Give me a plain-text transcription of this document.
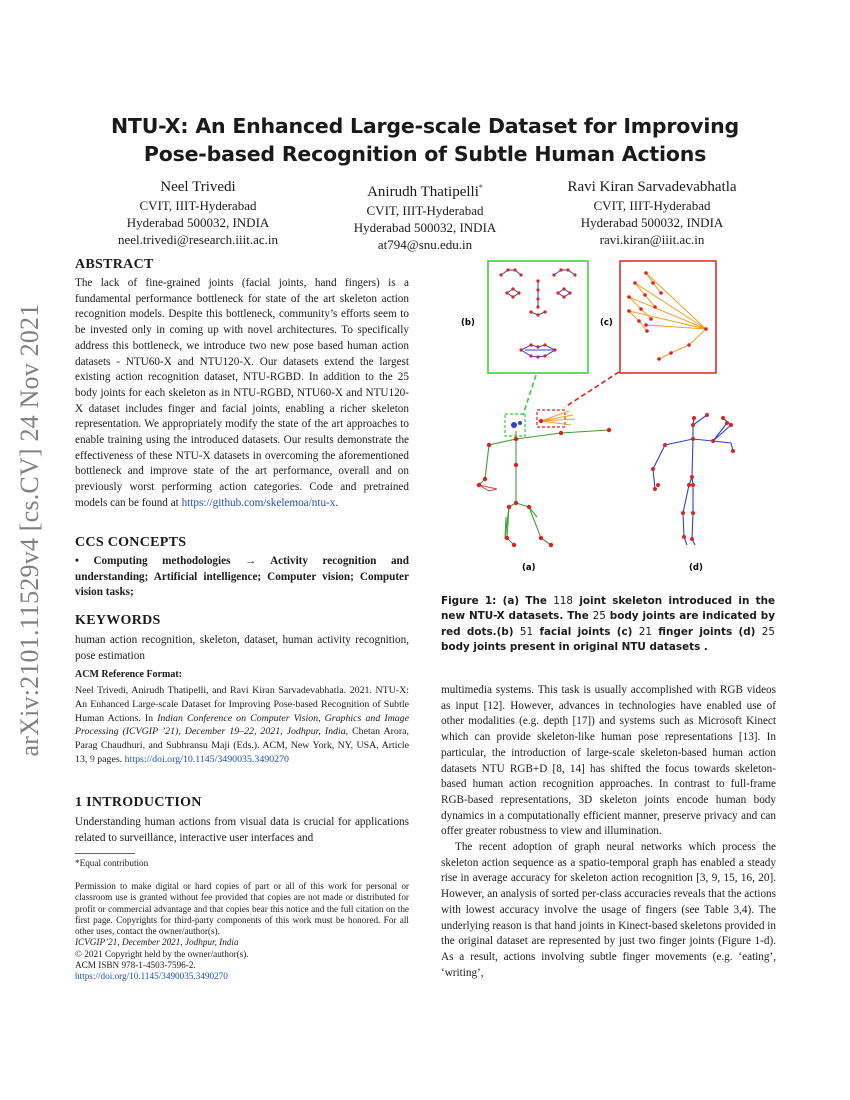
arXiv:2101.11529v4 [cs.CV] 24 Nov 2021
NTU-X: An Enhanced Large-scale Dataset for Improving
Pose-based Recognition of Subtle Human Actions
Neel Trivedi
CVIT, IIIT-Hyderabad
Hyderabad 500032, INDIA
neel.trivedi@research.iiit.ac.in
Anirudh Thatipelli*
CVIT, IIIT-Hyderabad
Hyderabad 500032, INDIA
at794@snu.edu.in
Ravi Kiran Sarvadevabhatla
CVIT, IIIT-Hyderabad
Hyderabad 500032, INDIA
ravi.kiran@iiit.ac.in
ABSTRACT

The lack of fine-grained joints (facial joints, hand fingers) is a fundamental performance bottleneck for state of the art skeleton action recognition models. Despite this bottleneck, community’s efforts seem to be invested only in coming up with novel architectures. To specifically address this bottleneck, we introduce two new pose based human action datasets - NTU60-X and NTU120-X. Our datasets extend the largest existing action recognition dataset, NTU-RGBD. In addition to the 25 body joints for each skeleton as in NTU-RGBD, NTU60-X and NTU120-X dataset includes finger and facial joints, enabling a richer skeleton representation. We appropriately modify the state of the art approaches to enable training using the introduced datasets. Our results demonstrate the effectiveness of these NTU-X datasets in overcoming the aforementioned bottleneck and improve state of the art performance, overall and on previously worst performing action categories. Code and pretrained models can be found at https://github.com/skelemoa/ntu-x.

CCS CONCEPTS

• Computing methodologies → Activity recognition and understanding; Artificial intelligence; Computer vision; Computer vision tasks;

KEYWORDS

human action recognition, skeleton, dataset, human activity recognition, pose estimation

ACM Reference Format:
Neel Trivedi, Anirudh Thatipelli, and Ravi Kiran Sarvadevabhatla. 2021. NTU-X: An Enhanced Large-scale Dataset for Improving Pose-based Recognition of Subtle Human Actions. In Indian Conference on Computer Vision, Graphics and Image Processing (ICVGIP ’21), December 19–22, 2021, Jodhpur, India, Chetan Arora, Parag Chaudhuri, and Subhransu Maji (Eds.). ACM, New York, NY, USA, Article 13, 9 pages. https://doi.org/10.1145/3490035.3490270
1 INTRODUCTION

Understanding human actions from visual data is crucial for applications related to surveillance, interactive user interfaces and

*Equal contribution
Permission to make digital or hard copies of part or all of this work for personal or classroom use is granted without fee provided that copies are not made or distributed for profit or commercial advantage and that copies bear this notice and the full citation on the first page. Copyrights for third-party components of this work must be honored. For all other uses, contact the owner/author(s).
ICVGIP’21, December 2021, Jodhpur, India
© 2021 Copyright held by the owner/author(s).
ACM ISBN 978-1-4503-7596-2.
https://doi.org/10.1145/3490035.3490270
(b)	(c)
(a)	(d)
Figure 1: (a) The 118 joint skeleton introduced in the new NTU-X datasets. The 25 body joints are indicated by red dots.(b) 51 facial joints (c) 21 finger joints (d) 25 body joints present in original NTU datasets .

multimedia systems. This task is usually accomplished with RGB videos as input [12]. However, advances in technologies have enabled use of other modalities (e.g. depth [17]) and systems such as Microsoft Kinect which can provide skeleton-like human pose representations [13]. In particular, the introduction of large-scale skeleton-based human action datasets NTU RGB+D [8, 14] has shifted the focus towards skeleton-based human action recognition approaches. In contrast to full-frame RGB-based representations, 3D skeleton joints encode human body dynamics in a computationally efficient manner, preserve privacy and can offer greater robustness to view and illumination.

The recent adoption of graph neural networks which process the skeleton action sequence as a spatio-temporal graph has enabled a steady rise in average accuracy for skeleton action recognition [3, 9, 15, 16, 20]. However, an analysis of sorted per-class accuracies reveals that the actions with lowest accuracy involve the usage of fingers (see Table 3,4). The underlying reason is that hand joints in Kinect-based skeletons provided in the original dataset are represented by just two finger joints (Figure 1-d). As a result, actions involving subtle finger movements (e.g. ‘eating’, ‘writing’,
